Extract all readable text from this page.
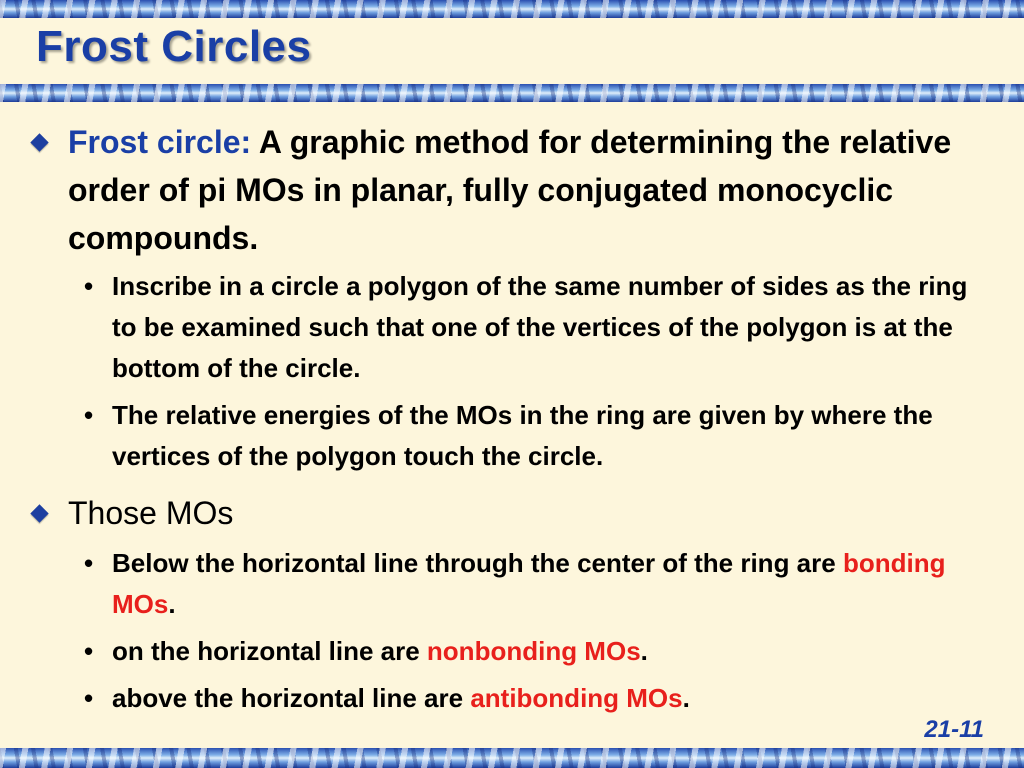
Frost Circles
Frost circle: A graphic method for determining the relative order of pi MOs in planar, fully conjugated monocyclic compounds.
• Inscribe in a circle a polygon of the same number of sides as the ring to be examined such that one of the vertices of the polygon is at the bottom of the circle.
• The relative energies of the MOs in the ring are given by where the vertices of the polygon touch the circle.
Those MOs
• Below the horizontal line through the center of the ring are bonding MOs.
• on the horizontal line are nonbonding MOs.
• above the horizontal line are antibonding MOs.
21-11
